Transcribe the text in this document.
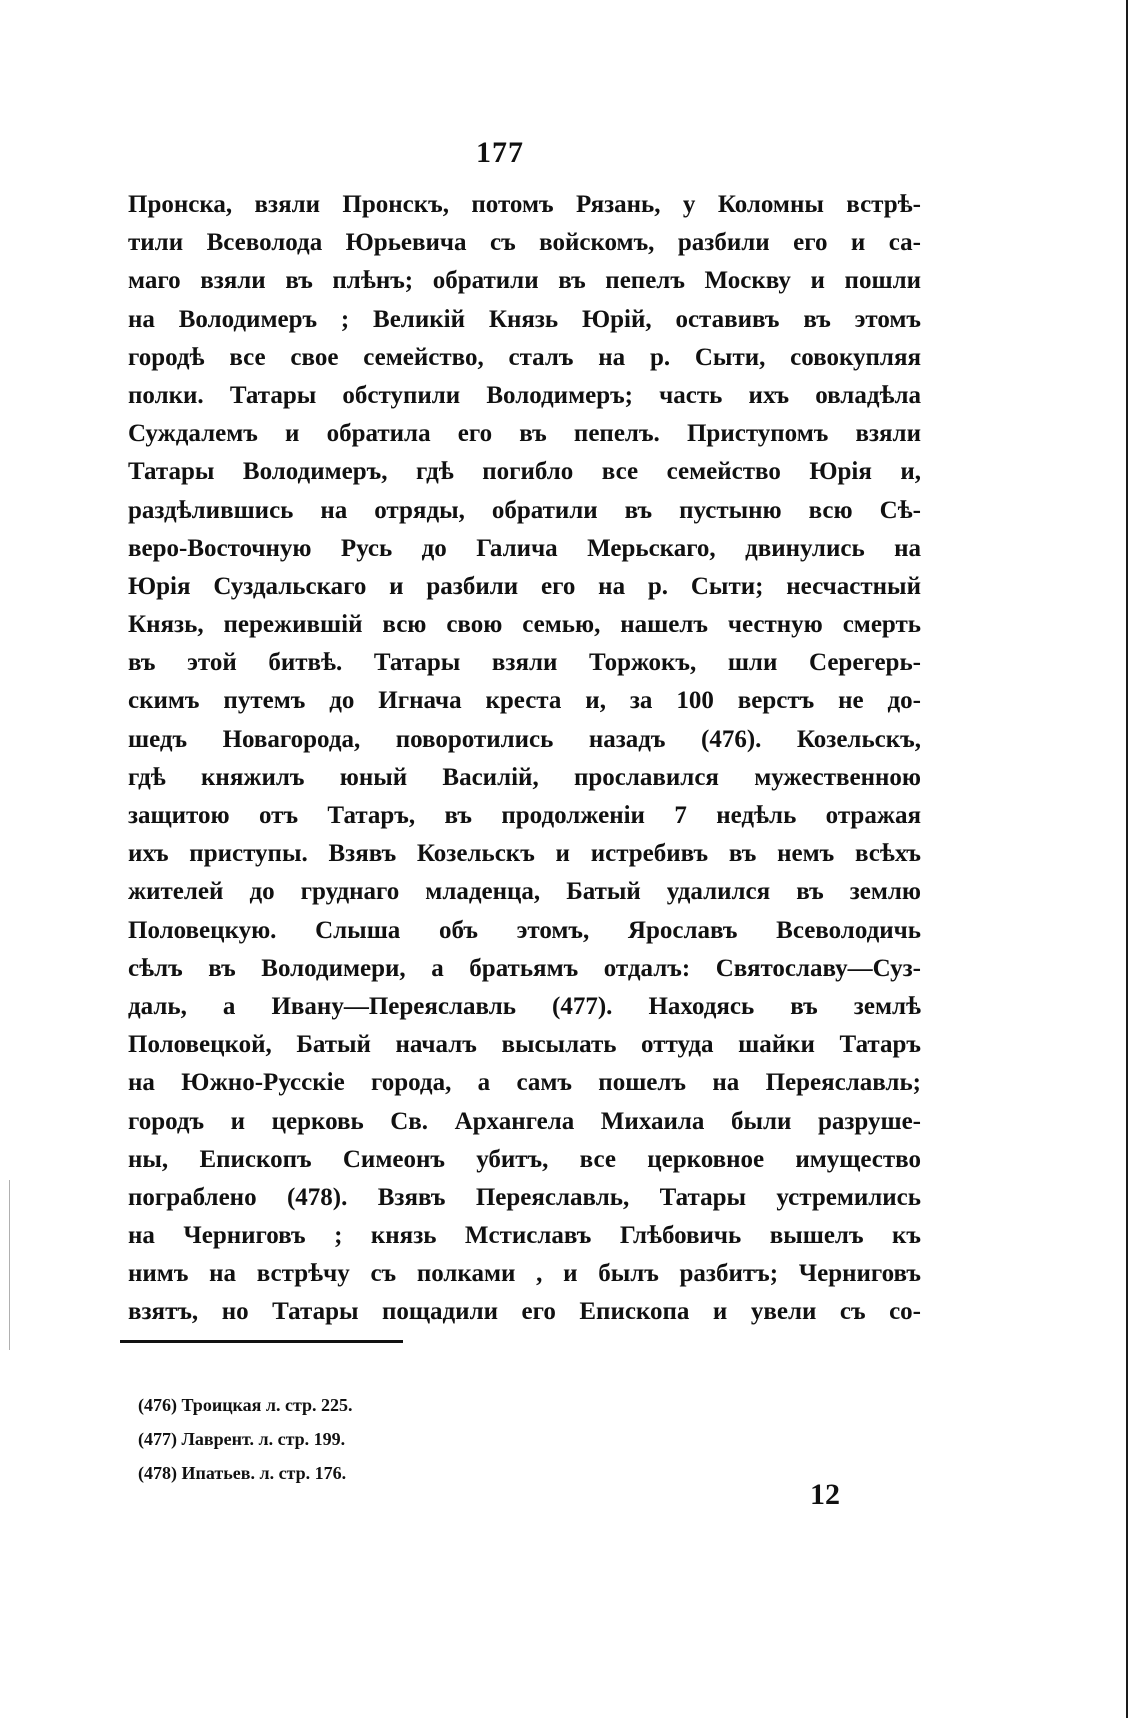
177
Пронска, взяли Пронскъ, потомъ Рязань, у Коломны встрѣ-
тили Всеволода Юрьевича съ войскомъ, разбили его и са-
маго взяли въ плѣнъ; обратили въ пепелъ Москву и пошли
на Володимеръ ; Великій Князь Юрій, оставивъ въ этомъ
городѣ все свое семейство, сталъ на р. Сыти, совокупляя
полки. Татары обступили Володимеръ; часть ихъ овладѣла
Суждалемъ и обратила его въ пепелъ. Приступомъ взяли
Татары Володимеръ, гдѣ погибло все семейство Юрія и,
раздѣлившись на отряды, обратили въ пустыню всю Сѣ-
веро-Восточную Русь до Галича Мерьскаго, двинулись на
Юрія Суздальскаго и разбили его на р. Сыти; несчастный
Князь, пережившій всю свою семью, нашелъ честную смерть
въ этой битвѣ. Татары взяли Торжокъ, шли Серегерь-
скимъ путемъ до Игнача креста и, за 100 верстъ не до-
шедъ Новагорода, поворотились назадъ (476). Козельскъ,
гдѣ княжилъ юный Василій, прославился мужественною
защитою отъ Татаръ, въ продолженіи 7 недѣль отражая
ихъ приступы. Взявъ Козельскъ и истребивъ въ немъ всѣхъ
жителей до груднаго младенца, Батый удалился въ землю
Половецкую. Слыша объ этомъ, Ярославъ Всеволодичь
сѣлъ въ Володимери, а братьямъ отдалъ: Святославу—Суз-
даль, а Ивану—Переяславль (477). Находясь въ землѣ
Половецкой, Батый началъ высылать оттуда шайки Татаръ
на Южно-Русскіе города, а самъ пошелъ на Переяславль;
городъ и церковь Св. Архангела Михаила были разруше-
ны, Епископъ Симеонъ убитъ, все церковное имущество
пограблено (478). Взявъ Переяславль, Татары устремились
на Черниговъ ; князь Мстиславъ Глѣбовичь вышелъ къ
нимъ на встрѣчу съ полками , и былъ разбитъ; Черниговъ
взятъ, но Татары пощадили его Епископа и увели съ со-
(476) Троицкая л. стр. 225.
(477) Лаврент. л. стр. 199.
(478) Ипатьев. л. стр. 176.
12
